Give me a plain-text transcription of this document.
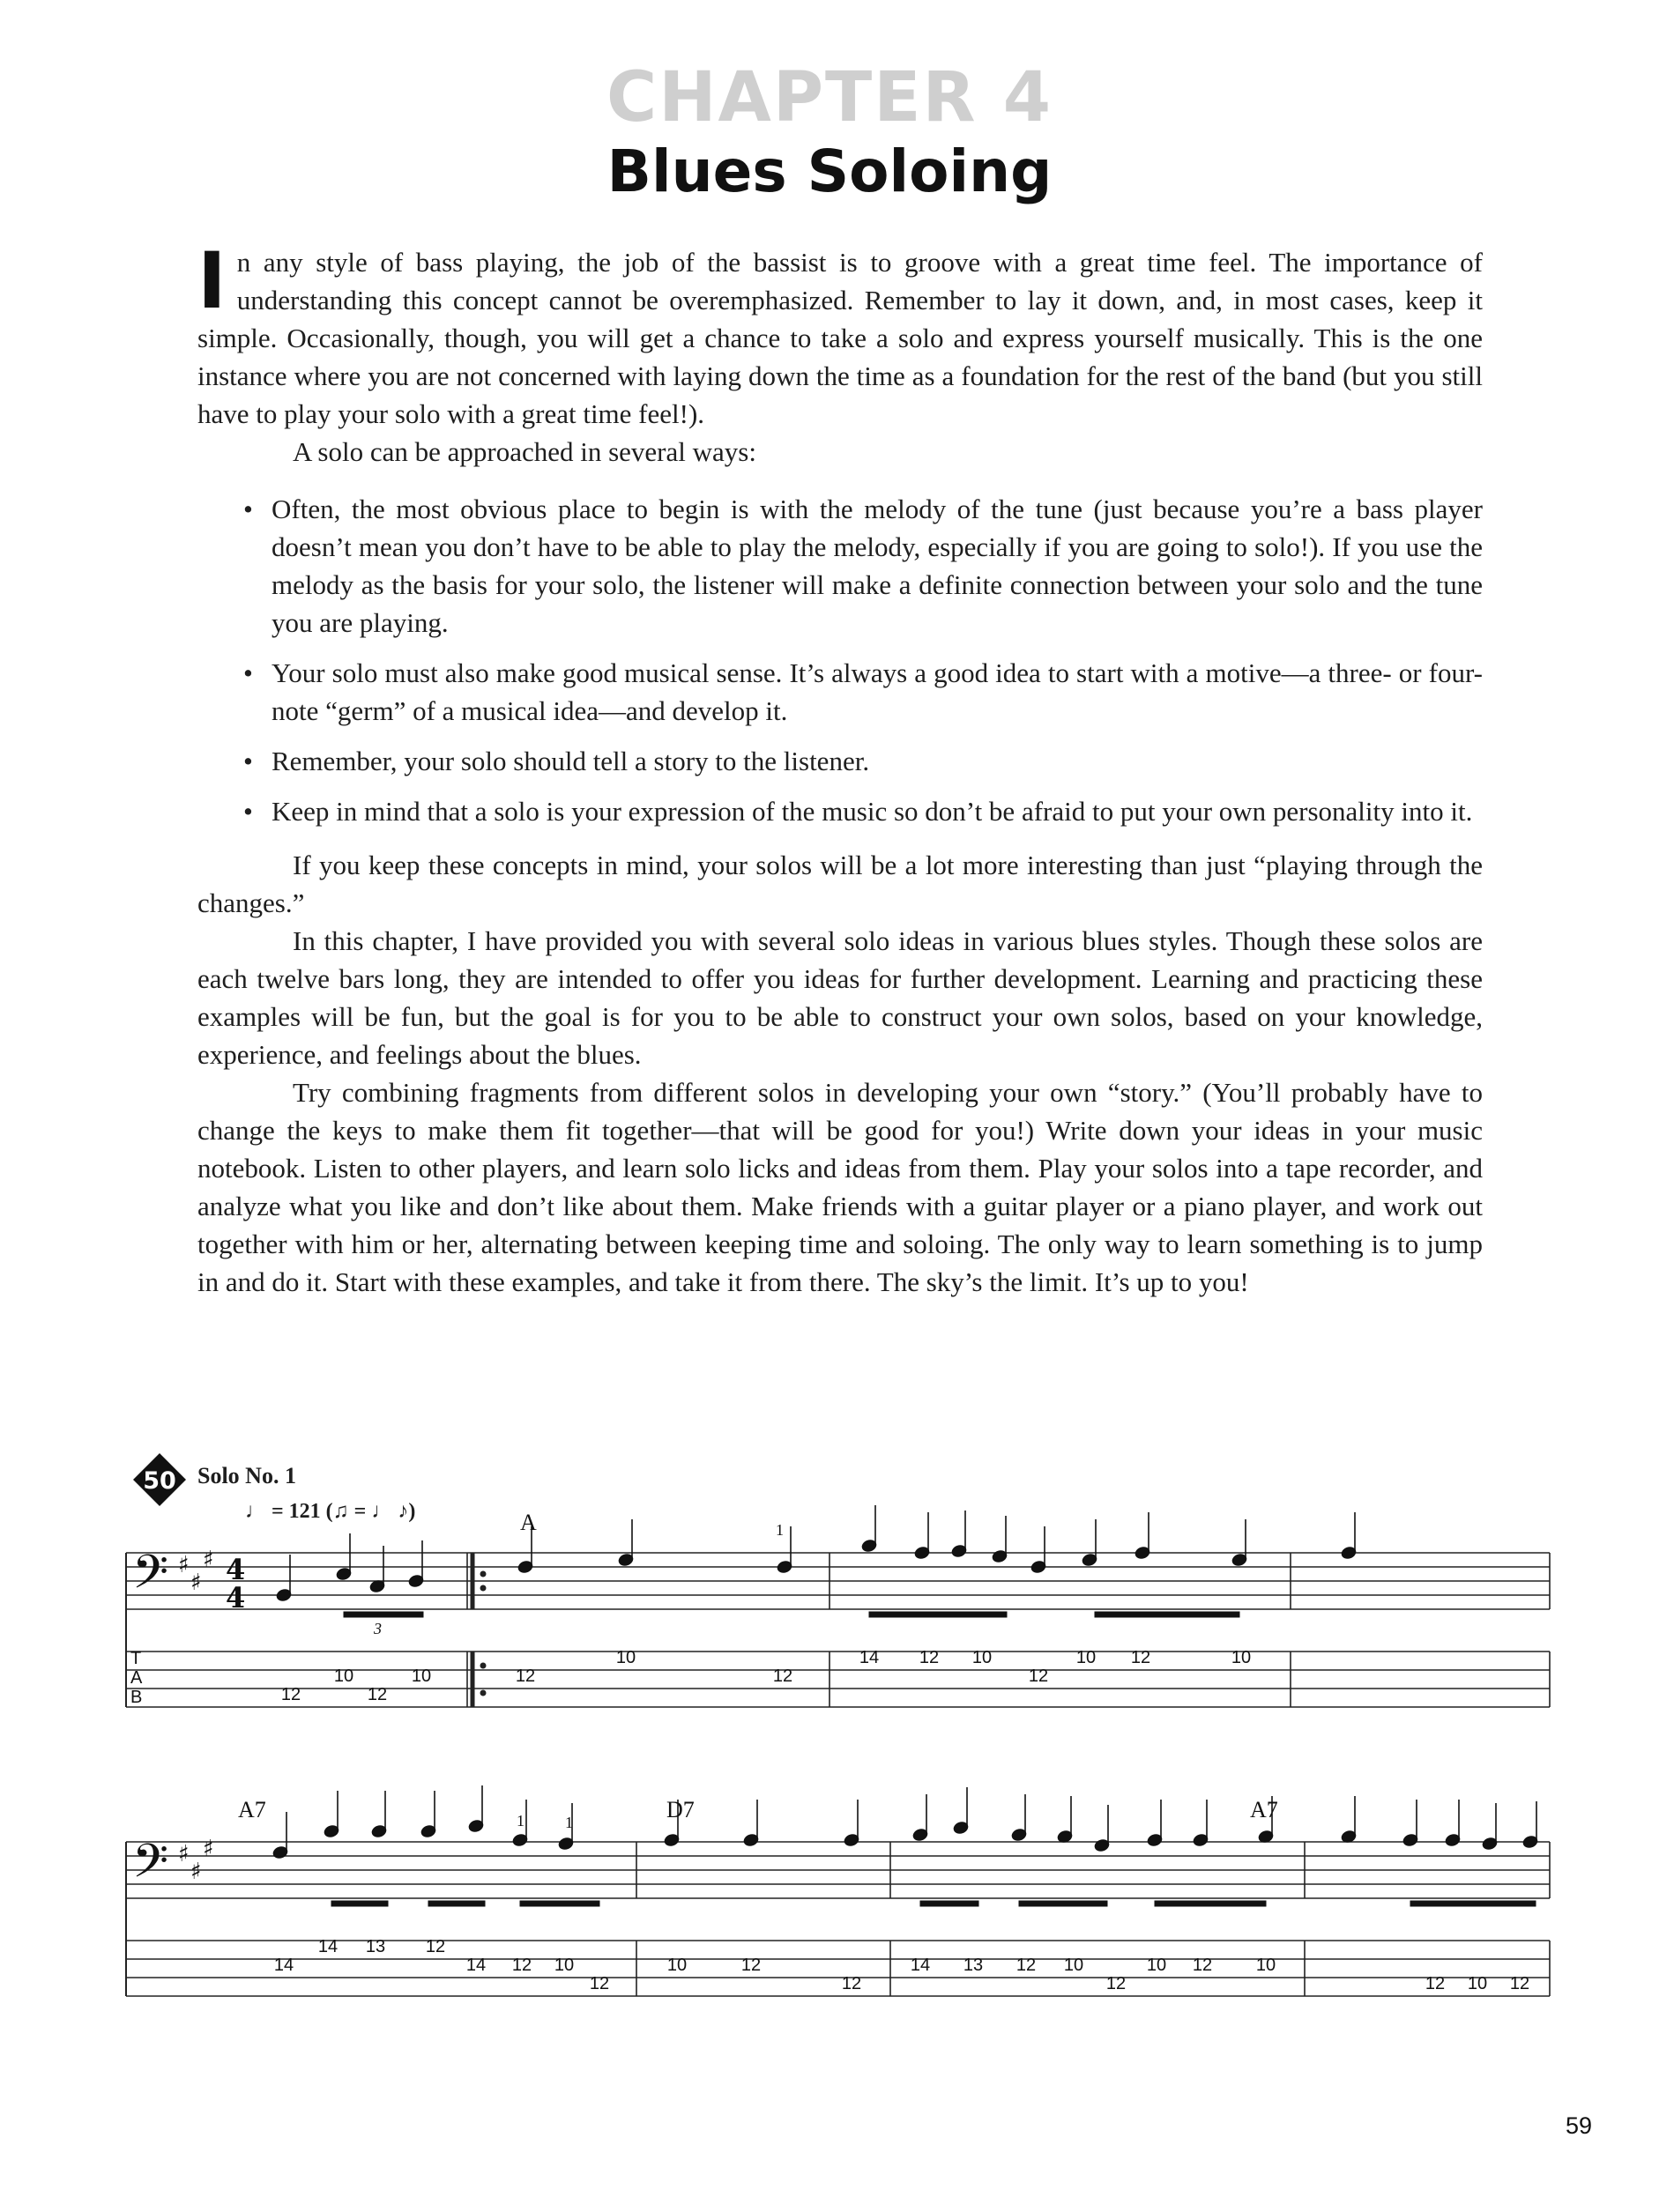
CHAPTER 4
Blues Soloing

In any style of bass playing, the job of the bassist is to groove with a great time feel. The importance of understanding this concept cannot be overemphasized. Remember to lay it down, and, in most cases, keep it simple. Occasionally, though, you will get a chance to take a solo and express yourself musically. This is the one instance where you are not concerned with laying down the time as a foundation for the rest of the band (but you still have to play your solo with a great time feel!).

A solo can be approached in several ways:

• Often, the most obvious place to begin is with the melody of the tune (just because you’re a bass player doesn’t mean you don’t have to be able to play the melody, especially if you are going to solo!). If you use the melody as the basis for your solo, the listener will make a definite connection between your solo and the tune you are playing.
• Your solo must also make good musical sense. It’s always a good idea to start with a motive—a three- or four-note “germ” of a musical idea—and develop it.
• Remember, your solo should tell a story to the listener.
• Keep in mind that a solo is your expression of the music so don’t be afraid to put your own personality into it.

If you keep these concepts in mind, your solos will be a lot more interesting than just “playing through the changes.”

In this chapter, I have provided you with several solo ideas in various blues styles. Though these solos are each twelve bars long, they are intended to offer you ideas for further development. Learning and practicing these examples will be fun, but the goal is for you to be able to construct your own solos, based on your knowledge, experience, and feelings about the blues.

Try combining fragments from different solos in developing your own “story.” (You’ll probably have to change the keys to make them fit together—that will be good for you!) Write down your ideas in your music notebook. Listen to other players, and learn solo licks and ideas from them. Play your solos into a tape recorder, and analyze what you like and don’t like about them. Make friends with a guitar player or a piano player, and work out together with him or her, alternating between keeping time and soloing. The only way to learn something is to jump in and do it. Start with these examples, and take it from there. The sky’s the limit. It’s up to you!

50 Solo No. 1
♩ = 121 (♫ = ♩ ♪)
𝄢
𝄢
♯
♯
♯
♯
♯
♯
4
4
T
A
B
A
3
1
A7	D7	A7
1	1
12
10
12
10	12
10
12
14 12 10
12
10 12	10
14
14 13 12
14 12 10
12
10	12
12
14 13 12 10
12
10 12 10
12 10 12
59
